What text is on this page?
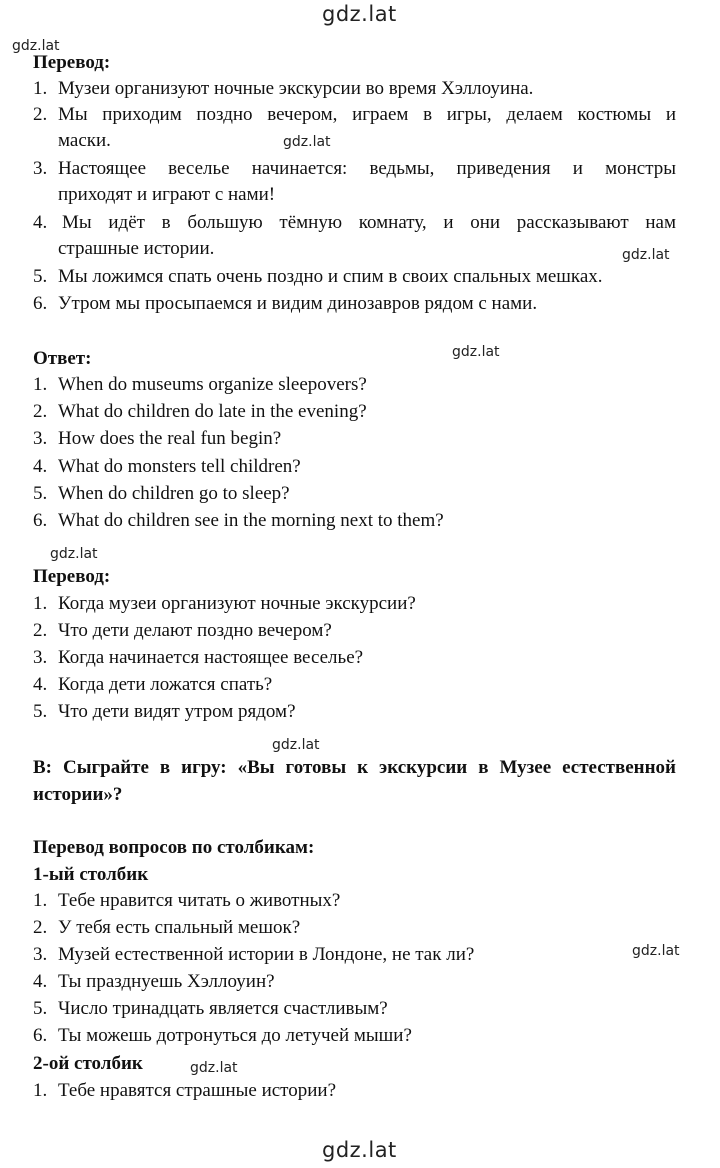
gdz.lat
gdz.lat
gdz.lat
gdz.lat
gdz.lat
gdz.lat
gdz.lat
gdz.lat
gdz.lat
gdz.lat
Перевод:
1. Музеи организуют ночные экскурсии во время Хэллоуина.
2. Мы приходим поздно вечером, играем в игры, делаем костюмы и
маски.
3. Настоящее веселье начинается: ведьмы, приведения и монстры
приходят и играют с нами!
4. Мы идёт в большую тёмную комнату, и они рассказывают нам
страшные истории.
5. Мы ложимся спать очень поздно и спим в своих спальных мешках.
6. Утром мы просыпаемся и видим динозавров рядом с нами.
Ответ:
1. When do museums organize sleepovers?
2. What do children do late in the evening?
3. How does the real fun begin?
4. What do monsters tell children?
5. When do children go to sleep?
6. What do children see in the morning next to them?
Перевод:
1. Когда музеи организуют ночные экскурсии?
2. Что дети делают поздно вечером?
3. Когда начинается настоящее веселье?
4. Когда дети ложатся спать?
5. Что дети видят утром рядом?
B: Сыграйте в игру: «Вы готовы к экскурсии в Музее естественной
истории»?
Перевод вопросов по столбикам:
1-ый столбик
1. Тебе нравится читать о животных?
2. У тебя есть спальный мешок?
3. Музей естественной истории в Лондоне, не так ли?
4. Ты празднуешь Хэллоуин?
5. Число тринадцать является счастливым?
6. Ты можешь дотронуться до летучей мыши?
2-ой столбик
1. Тебе нравятся страшные истории?
